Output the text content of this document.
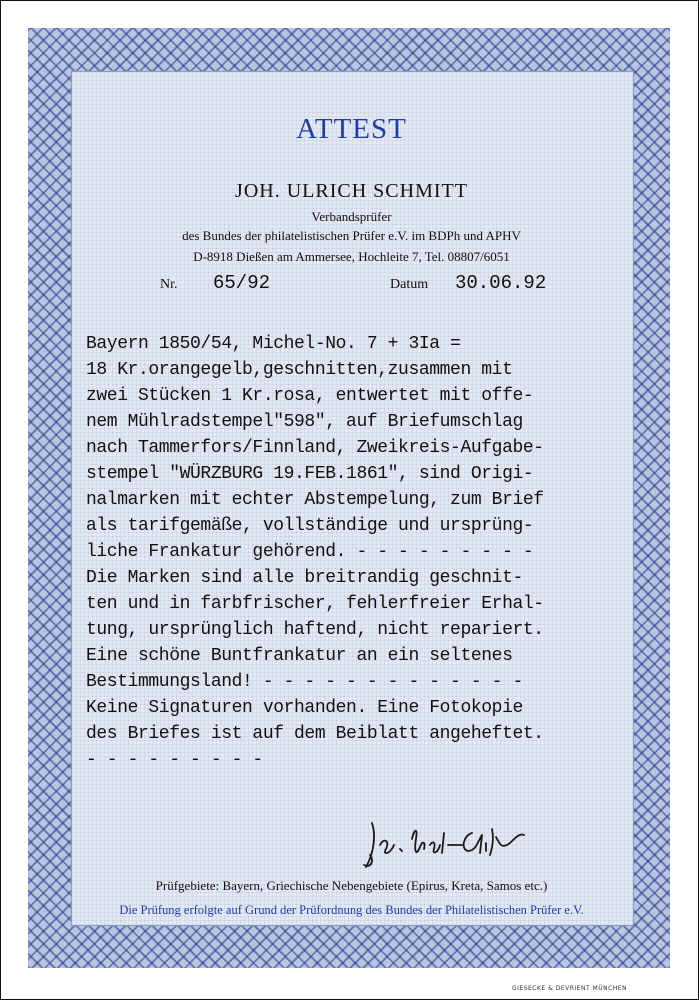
ATTEST
JOH. ULRICH SCHMITT
Verbandsprüfer
des Bundes der philatelistischen Prüfer e.V. im BDPh und APHV
D-8918 Dießen am Ammersee, Hochleite 7, Tel. 08807/6051
Nr. 65/92	Datum 30.06.92
Bayern 1850/54, Michel-No. 7 + 3Ia =
18 Kr.orangegelb,geschnitten,zusammen mit
zwei Stücken 1 Kr.rosa, entwertet mit offe-
nem Mühlradstempel"598", auf Briefumschlag
nach Tammerfors/Finnland, Zweikreis-Aufgabe-
stempel "WÜRZBURG 19.FEB.1861", sind Origi-
nalmarken mit echter Abstempelung, zum Brief
als tarifgemäße, vollständige und ursprüng-
liche Frankatur gehörend. - - - - - - - - -
Die Marken sind alle breitrandig geschnit-
ten und in farbfrischer, fehlerfreier Erhal-
tung, ursprünglich haftend, nicht repariert.
Eine schöne Buntfrankatur an ein seltenes
Bestimmungsland! - - - - - - - - - - - - -
Keine Signaturen vorhanden. Eine Fotokopie
des Briefes ist auf dem Beiblatt angeheftet.
- - - - - - - - -
Prüfgebiete: Bayern, Griechische Nebengebiete (Epirus, Kreta, Samos etc.)
Die Prüfung erfolgte auf Grund der Prüfordnung des Bundes der Philatelistischen Prüfer e.V.
GIESECKE & DEVRIENT MÜNCHEN
